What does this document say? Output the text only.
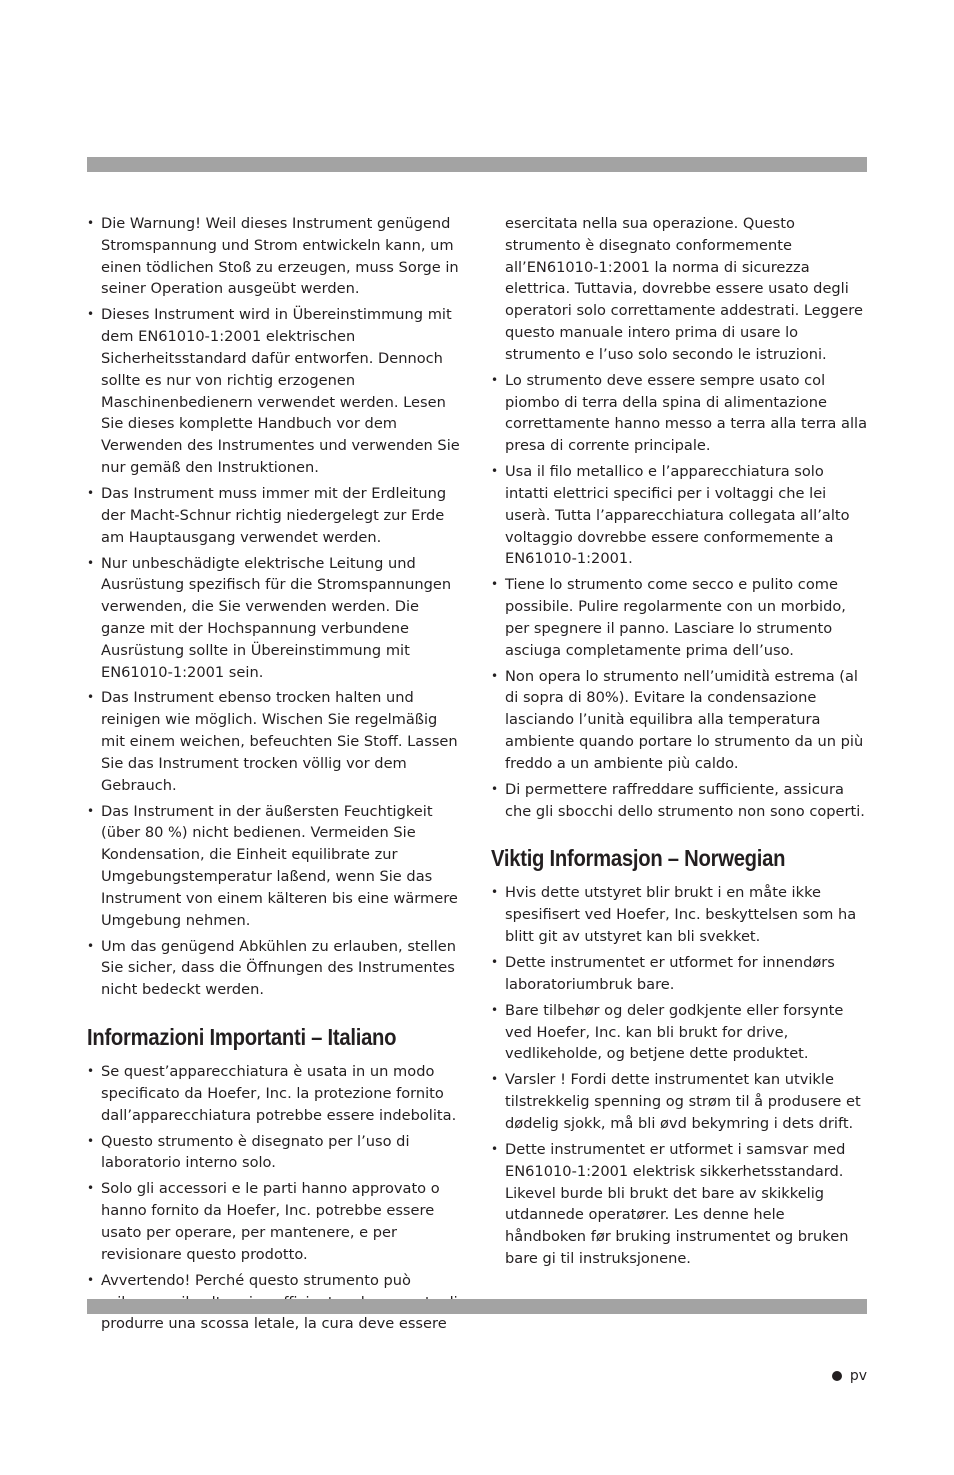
• Die Warnung! Weil dieses Instrument genügend Stromspannung und Strom entwickeln kann, um einen tödlichen Stoß zu erzeugen, muss Sorge in seiner Operation ausgeübt werden.
• Dieses Instrument wird in Übereinstimmung mit dem EN61010-1:2001 elektrischen Sicherheitsstandard dafür entworfen. Dennoch sollte es nur von richtig erzogenen Maschinenbedienern verwendet werden. Lesen Sie dieses komplette Handbuch vor dem Verwenden des Instrumentes und verwenden Sie nur gemäß den Instruktionen.
• Das Instrument muss immer mit der Erdleitung der Macht-Schnur richtig niedergelegt zur Erde am Hauptausgang verwendet werden.
• Nur unbeschädigte elektrische Leitung und Ausrüstung spezifisch für die Stromspannungen verwenden, die Sie verwenden werden. Die ganze mit der Hochspannung verbundene Ausrüstung sollte in Übereinstimmung mit EN61010-1:2001 sein.
• Das Instrument ebenso trocken halten und reinigen wie möglich. Wischen Sie regelmäßig mit einem weichen, befeuchten Sie Stoff. Lassen Sie das Instrument trocken völlig vor dem Gebrauch.
• Das Instrument in der äußersten Feuchtigkeit (über 80 %) nicht bedienen. Vermeiden Sie Kondensation, die Einheit equilibrate zur Umgebungstemperatur laßend, wenn Sie das Instrument von einem kälteren bis eine wärmere Umgebung nehmen.
• Um das genügend Abkühlen zu erlauben, stellen Sie sicher, dass die Öffnungen des Instrumentes nicht bedeckt werden.
Informazioni Importanti – Italiano
• Se quest’apparecchiatura è usata in un modo specificato da Hoefer, Inc. la protezione fornito dall’apparecchiatura potrebbe essere indebolita.
• Questo strumento è disegnato per l’uso di laboratorio interno solo.
• Solo gli accessori e le parti hanno approvato o hanno fornito da Hoefer, Inc. potrebbe essere usato per operare, per mantenere, e per revisionare questo prodotto.
• Avvertendo! Perché questo strumento può produrre una scossa letale, la cura deve essere
esercitata nella sua operazione. Questo strumento è disegnato conformemente all’EN61010-1:2001 la norma di sicurezza elettrica. Tuttavia, dovrebbe essere usato degli operatori solo correttamente addestrati. Leggere questo manuale intero prima di usare lo strumento e l’uso solo secondo le istruzioni.
• Lo strumento deve essere sempre usato col piombo di terra della spina di alimentazione correttamente hanno messo a terra alla terra alla presa di corrente principale.
• Usa il filo metallico e l’apparecchiatura solo intatti elettrici specifici per i voltaggi che lei userà. Tutta l’apparecchiatura collegata all’alto voltaggio dovrebbe essere conformemente a EN61010-1:2001.
• Tiene lo strumento come secco e pulito come possibile. Pulire regolarmente con un morbido, per spegnere il panno. Lasciare lo strumento asciuga completamente prima dell’uso.
• Non opera lo strumento nell’umidità estrema (al di sopra di 80%). Evitare la condensazione lasciando l’unità equilibra alla temperatura ambiente quando portare lo strumento da un più freddo a un ambiente più caldo.
• Di permettere raffreddare sufficiente, assicura che gli sbocchi dello strumento non sono coperti.
Viktig Informasjon – Norwegian
• Hvis dette utstyret blir brukt i en måte ikke spesifisert ved Hoefer, Inc. beskyttelsen som ha blitt git av utstyret kan bli svekket.
• Dette instrumentet er utformet for innendørs laboratoriumbruk bare.
• Bare tilbehør og deler godkjente eller forsynte ved Hoefer, Inc. kan bli brukt for drive, vedlikeholde, og betjene dette produktet.
• Varsler ! Fordi dette instrumentet kan utvikle tilstrekkelig spenning og strøm til å produsere et dødelig sjokk, må bli øvd bekymring i dets drift.
• Dette instrumentet er utformet i samsvar med EN61010-1:2001 elektrisk sikkerhetsstandard. Likevel burde bli brukt det bare av skikkelig utdannede operatører. Les denne hele håndboken før bruking instrumentet og bruken bare gi til instruksjonene.
pv
